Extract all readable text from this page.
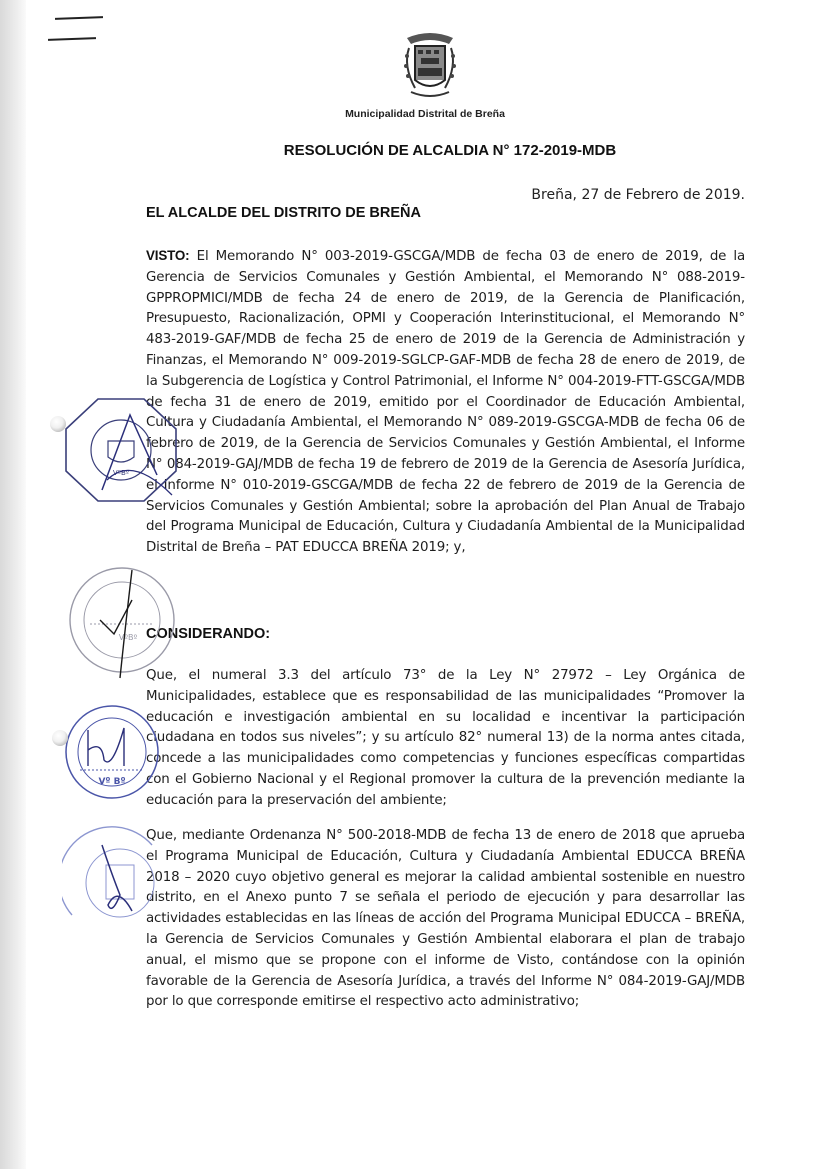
Municipalidad Distrital de Breña
RESOLUCIÓN DE ALCALDIA N° 172-2019-MDB
Breña, 27 de Febrero de 2019.
EL ALCALDE DEL DISTRITO DE BREÑA
VISTO: El Memorando N° 003-2019-GSCGA/MDB de fecha 03 de enero de 2019, de la Gerencia de Servicios Comunales y Gestión Ambiental, el Memorando N° 088-2019-GPPROPMICI/MDB de fecha 24 de enero de 2019, de la Gerencia de Planificación, Presupuesto, Racionalización, OPMI y Cooperación Interinstitucional, el Memorando N° 483-2019-GAF/MDB de fecha 25 de enero de 2019 de la Gerencia de Administración y Finanzas, el Memorando N° 009-2019-SGLCP-GAF-MDB de fecha 28 de enero de 2019, de la Subgerencia de Logística y Control Patrimonial, el Informe N° 004-2019-FTT-GSCGA/MDB de fecha 31 de enero de 2019, emitido por el Coordinador de Educación Ambiental, Cultura y Ciudadanía Ambiental, el Memorando N° 089-2019-GSCGA-MDB de fecha 06 de febrero de 2019, de la Gerencia de Servicios Comunales y Gestión Ambiental, el Informe N° 084-2019-GAJ/MDB de fecha 19 de febrero de 2019 de la Gerencia de Asesoría Jurídica, el Informe N° 010-2019-GSCGA/MDB de fecha 22 de febrero de 2019 de la Gerencia de Servicios Comunales y Gestión Ambiental; sobre la aprobación del Plan Anual de Trabajo del Programa Municipal de Educación, Cultura y Ciudadanía Ambiental de la Municipalidad Distrital de Breña – PAT EDUCCA BREÑA 2019; y,
CONSIDERANDO:
Que, el numeral 3.3 del artículo 73° de la Ley N° 27972 – Ley Orgánica de Municipalidades, establece que es responsabilidad de las municipalidades “Promover la educación e investigación ambiental en su localidad e incentivar la participación ciudadana en todos sus niveles”; y su artículo 82° numeral 13) de la norma antes citada, concede a las municipalidades como competencias y funciones específicas compartidas con el Gobierno Nacional y el Regional promover la cultura de la prevención mediante la educación para la preservación del ambiente;
Que, mediante Ordenanza N° 500-2018-MDB de fecha 13 de enero de 2018 que aprueba el Programa Municipal de Educación, Cultura y Ciudadanía Ambiental EDUCCA BREÑA 2018 – 2020 cuyo objetivo general es mejorar la calidad ambiental sostenible en nuestro distrito, en el Anexo punto 7 se señala el periodo de ejecución y para desarrollar las actividades establecidas en las líneas de acción del Programa Municipal EDUCCA – BREÑA, la Gerencia de Servicios Comunales y Gestión Ambiental elaborara el plan de trabajo anual, el mismo que se propone con el informe de Visto, contándose con la opinión favorable de la Gerencia de Asesoría Jurídica, a través del Informe N° 084-2019-GAJ/MDB por lo que corresponde emitirse el respectivo acto administrativo;
VºBº
VºBº
Vº Bº
